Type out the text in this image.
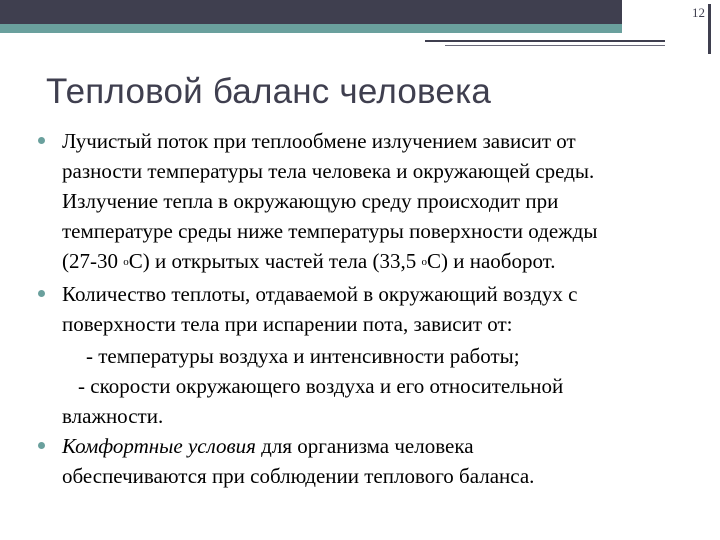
12
Тепловой баланс человека
Лучистый поток при теплообмене излучением зависит от
разности температуры тела человека и окружающей среды.
Излучение тепла в окружающую среду происходит при
температуре среды ниже температуры поверхности одежды
(27-30 оС) и открытых частей тела (33,5 оС) и наоборот.
Количество теплоты, отдаваемой в окружающий воздух с
поверхности тела при испарении пота, зависит от:
- температуры воздуха и интенсивности работы;
- скорости окружающего воздуха и его относительной
влажности.
Комфортные условия для организма человека
обеспечиваются при соблюдении теплового баланса.
